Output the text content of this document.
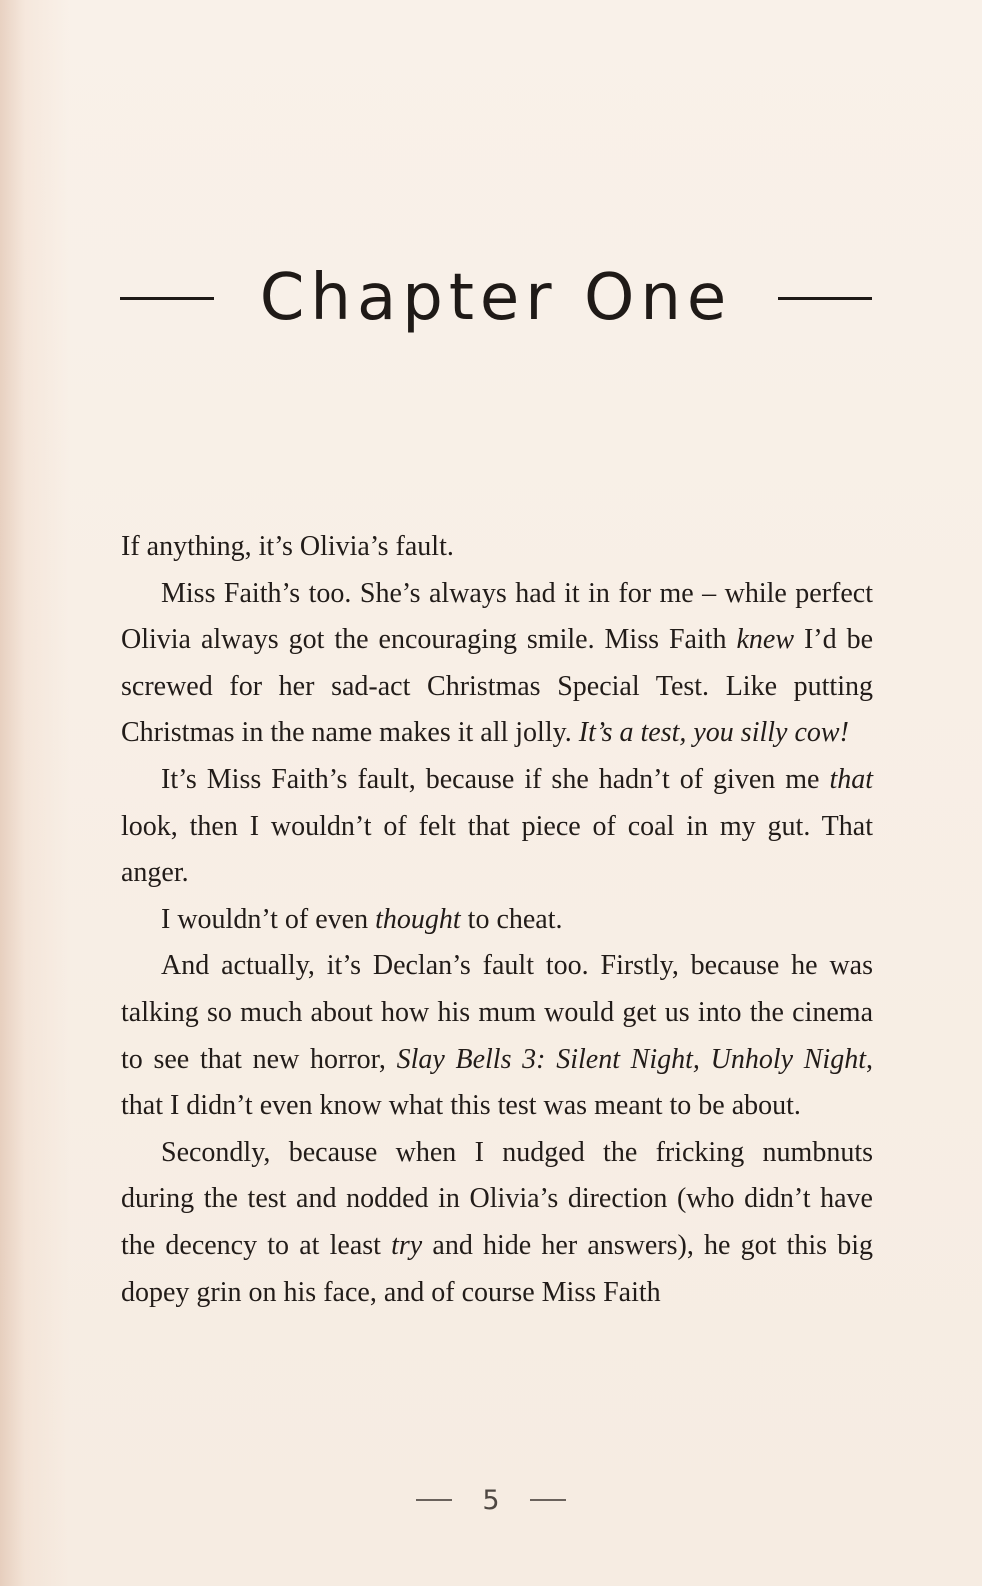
Chapter One

If anything, it’s Olivia’s fault.

Miss Faith’s too. She’s always had it in for me – while perfect Olivia always got the encouraging smile. Miss Faith knew I’d be screwed for her sad-act Christmas Special Test. Like putting Christmas in the name makes it all jolly. It’s a test, you silly cow!

It’s Miss Faith’s fault, because if she hadn’t of given me that look, then I wouldn’t of felt that piece of coal in my gut. That anger.

I wouldn’t of even thought to cheat.

And actually, it’s Declan’s fault too. Firstly, because he was talking so much about how his mum would get us into the cinema to see that new horror, Slay Bells 3: Silent Night, Unholy Night, that I didn’t even know what this test was meant to be about.

Secondly, because when I nudged the fricking numbnuts during the test and nodded in Olivia’s direction (who didn’t have the decency to at least try and hide her answers), he got this big dopey grin on his face, and of course Miss Faith

5
